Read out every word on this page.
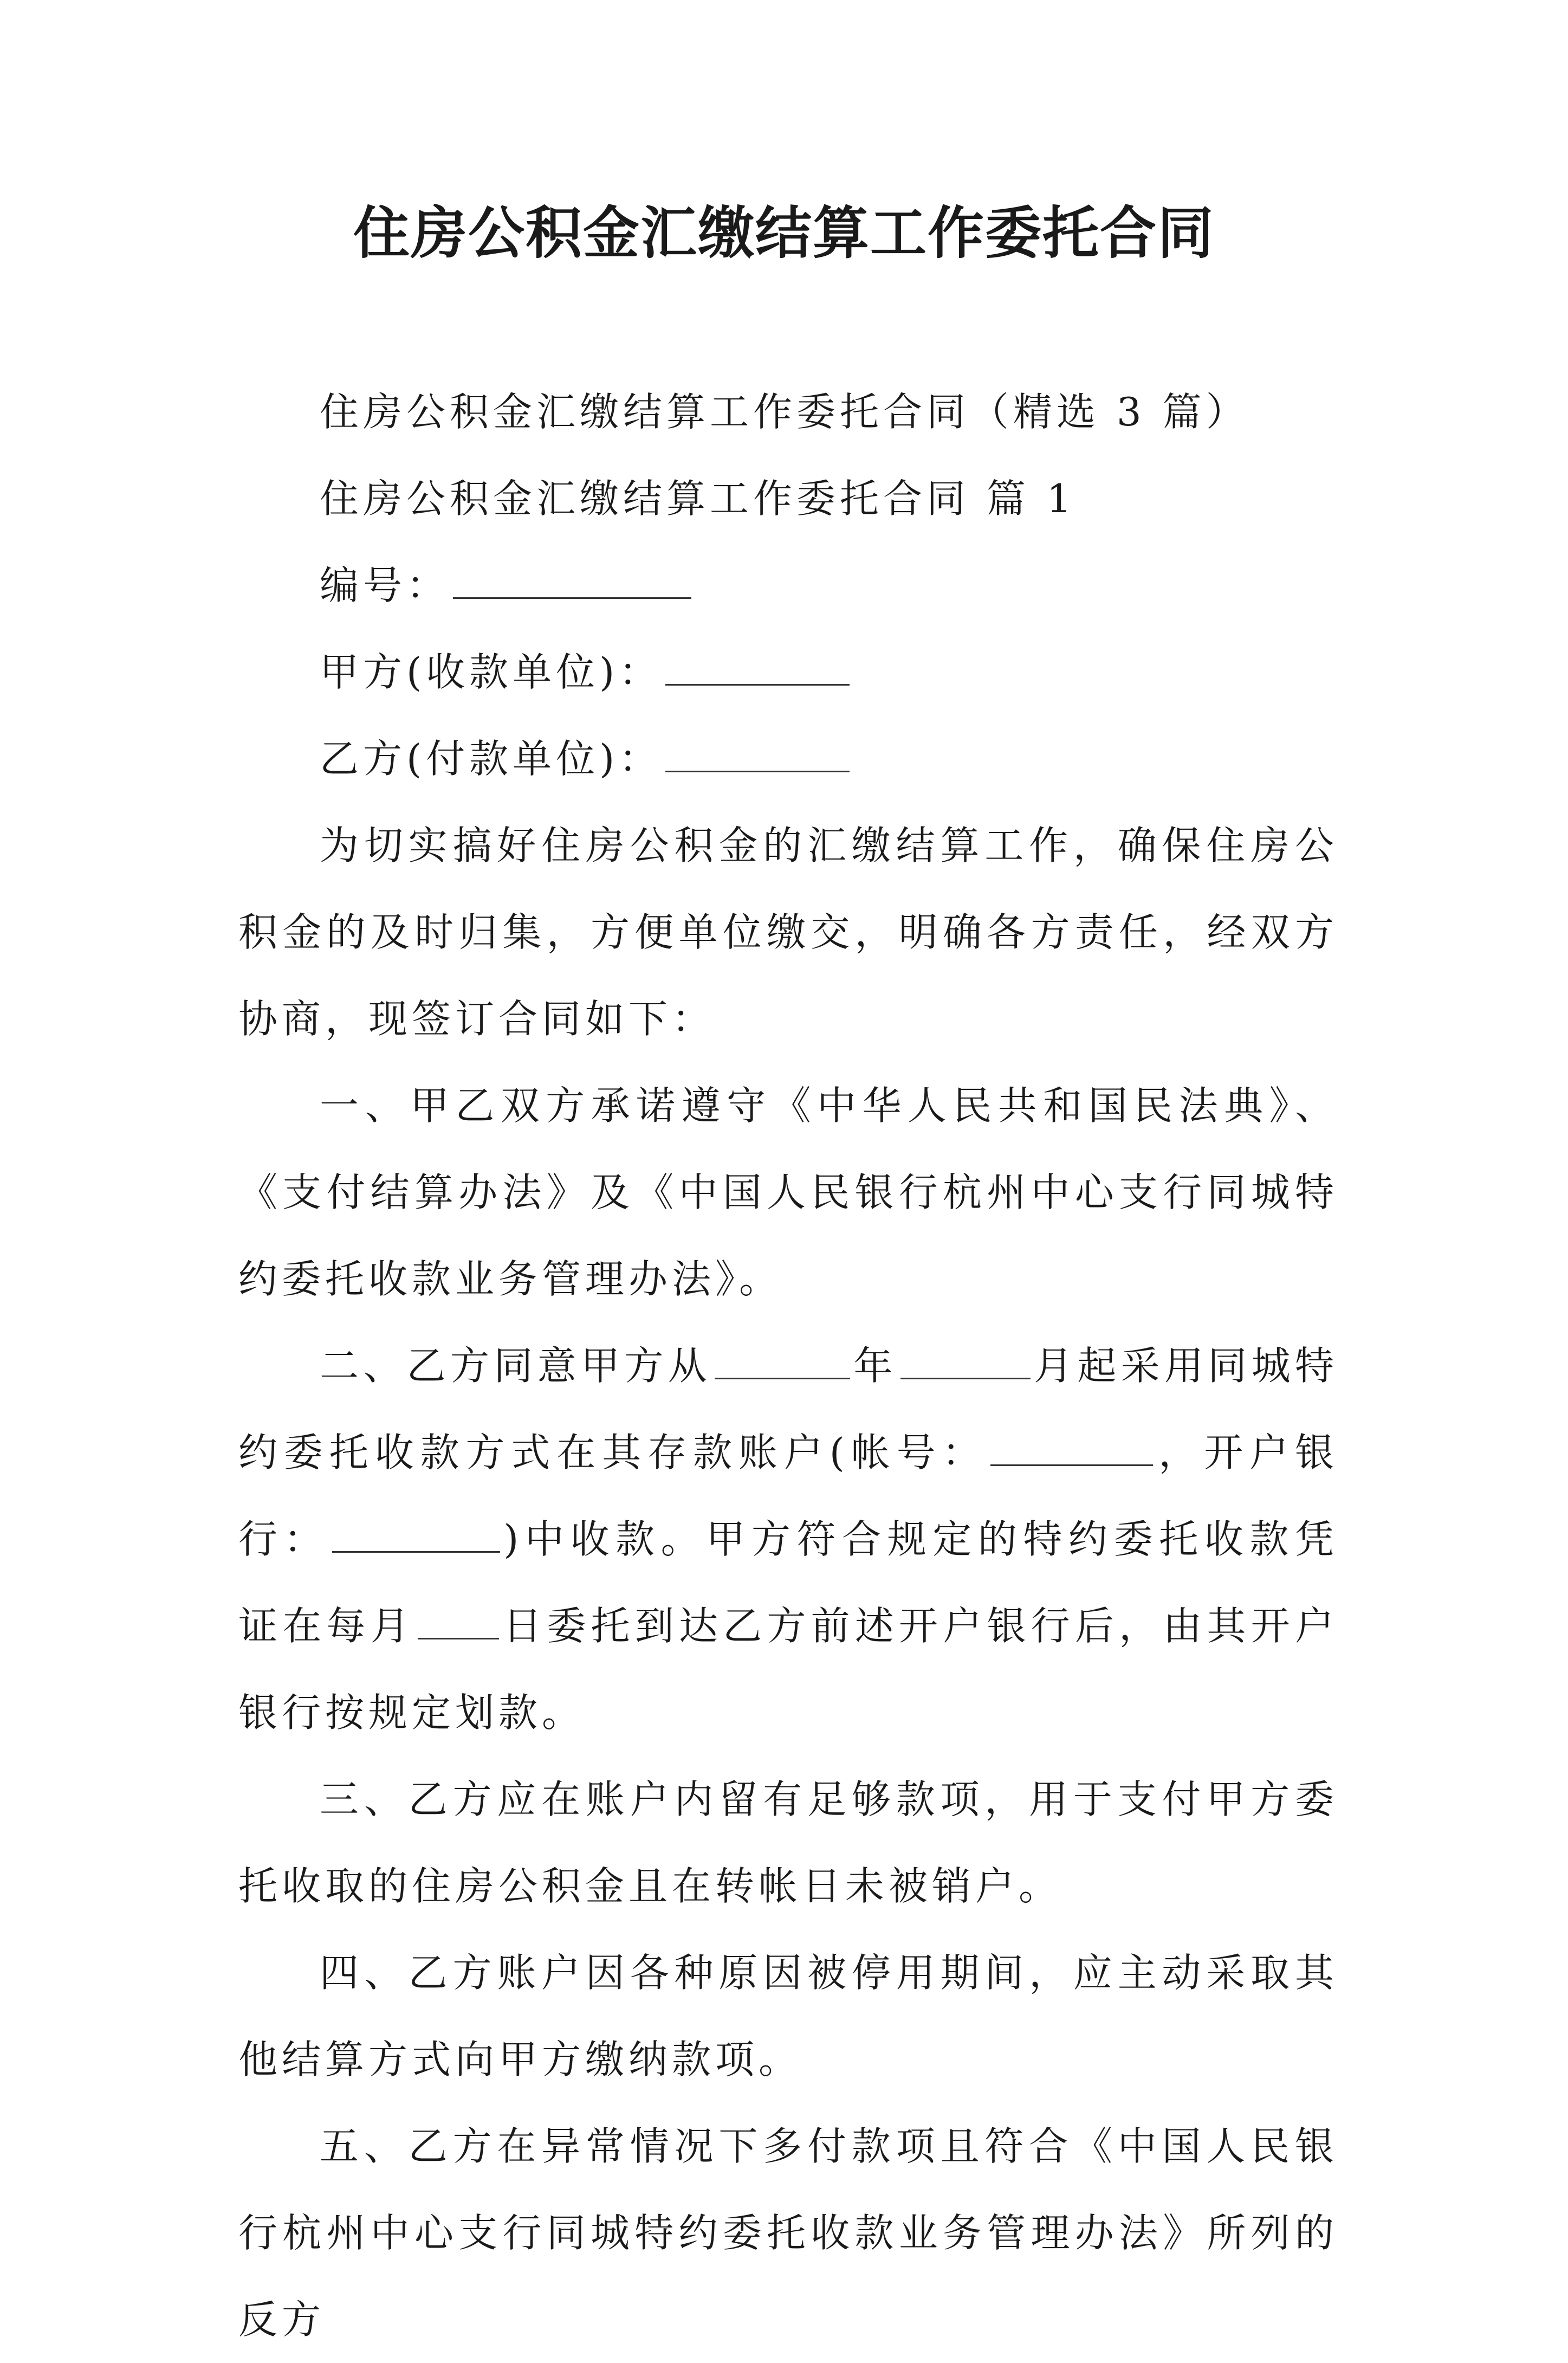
住房公积金汇缴结算工作委托合同

住房公积金汇缴结算工作委托合同（精选 3 篇）

住房公积金汇缴结算工作委托合同 篇 1

编号：

甲方(收款单位)：

乙方(付款单位)：

为切实搞好住房公积金的汇缴结算工作，确保住房公积金的及时归集，方便单位缴交，明确各方责任，经双方协商，现签订合同如下：

一、甲乙双方承诺遵守《中华人民共和国民法典》、《支付结算办法》及《中国人民银行杭州中心支行同城特约委托收款业务管理办法》。

二、乙方同意甲方从	年	月起采用同城特约委托收款方式在其存款账户(帐号：	，开户银行：	)中收款。甲方符合规定的特约委托收款凭证在每月 日委托到达乙方前述开户银行后，由其开户银行按规定划款。

三、乙方应在账户内留有足够款项，用于支付甲方委托收取的住房公积金且在转帐日未被销户。

四、乙方账户因各种原因被停用期间，应主动采取其他结算方式向甲方缴纳款项。

五、乙方在异常情况下多付款项且符合《中国人民银行杭州中心支行同城特约委托收款业务管理办法》所列的反方
